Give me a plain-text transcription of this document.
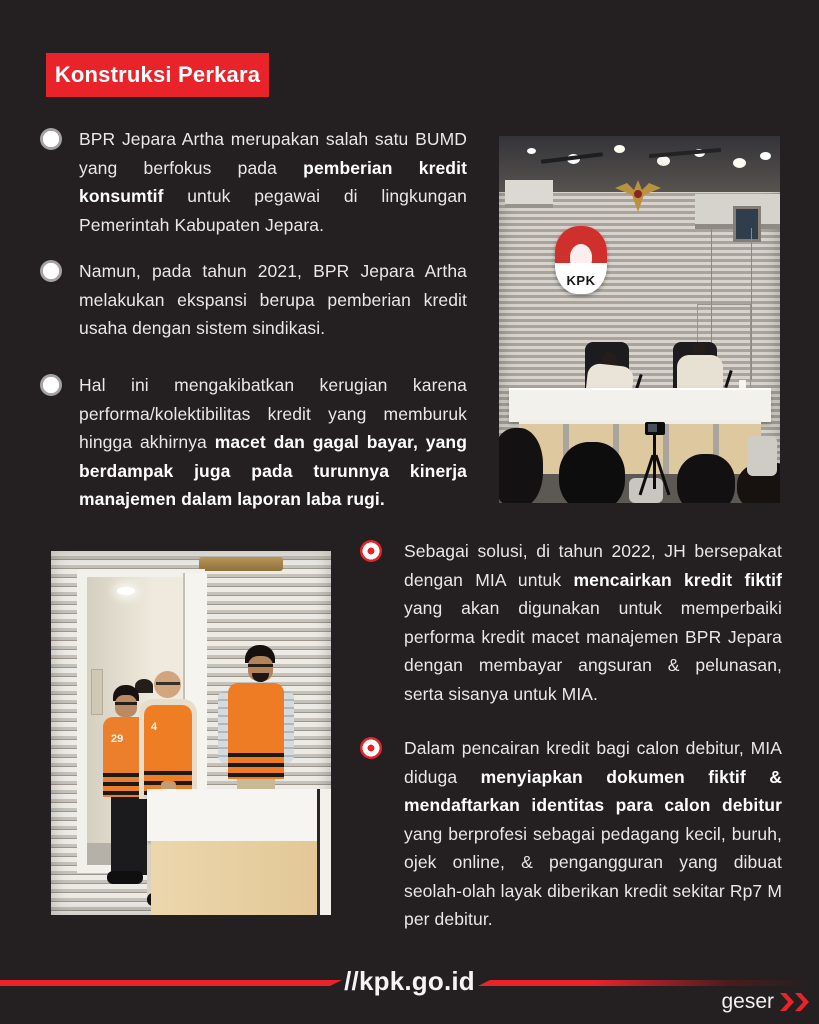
Konstruksi Perkara

BPR Jepara Artha merupakan salah satu BUMD yang berfokus pada pemberian kredit konsumtif untuk pegawai di lingkungan Pemerintah Kabupaten Jepara.

Namun, pada tahun 2021, BPR Jepara Artha melakukan ekspansi berupa pemberian kredit usaha dengan sistem sindikasi.

Hal ini mengakibatkan kerugian karena performa/kolektibilitas kredit yang memburuk hingga akhirnya macet dan gagal bayar, yang berdampak juga pada turunnya kinerja manajemen dalam laporan laba rugi.

Sebagai solusi, di tahun 2022, JH bersepakat dengan MIA untuk mencairkan kredit fiktif yang akan digunakan untuk memperbaiki performa kredit macet manajemen BPR Jepara dengan membayar angsuran & pelunasan, serta sisanya untuk MIA.

Dalam pencairan kredit bagi calon debitur, MIA diduga menyiapkan dokumen fiktif & mendaftarkan identitas para calon debitur yang berprofesi sebagai pedagang kecil, buruh, ojek online, & pengangguran yang dibuat seolah-olah layak diberikan kredit sekitar Rp7 M per debitur.

KPK
29
4
//kpk.go.id
geser
